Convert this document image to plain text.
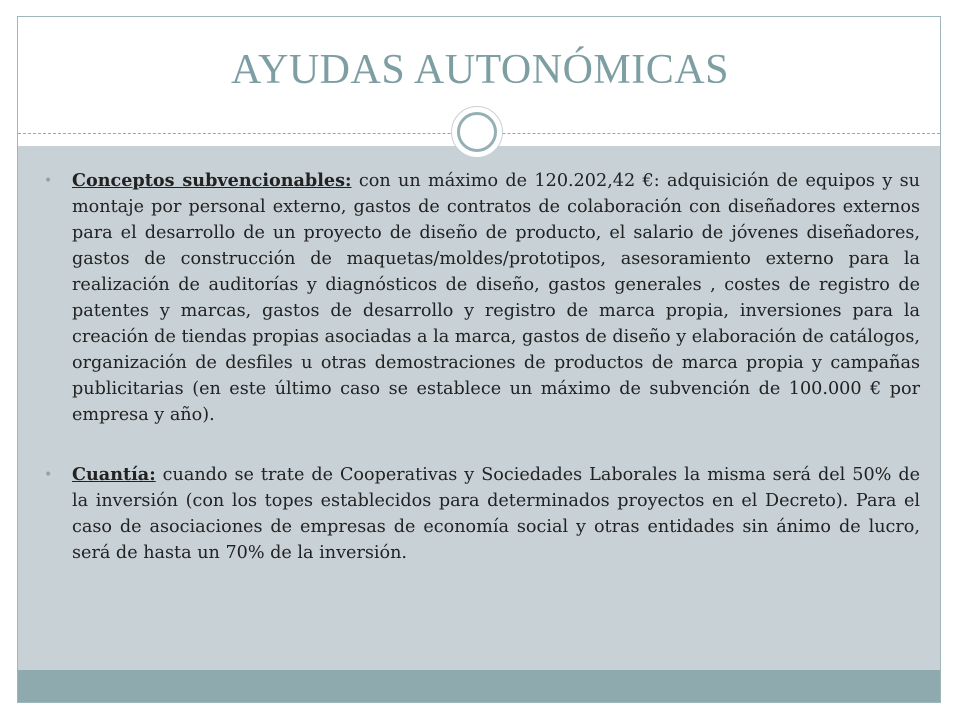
AYUDAS AUTONÓMICAS
• Conceptos subvencionables: con un máximo de 120.202,42 €: adquisición de equipos y su montaje por personal externo, gastos de contratos de colaboración con diseñadores externos para el desarrollo de un proyecto de diseño de producto, el salario de jóvenes diseñadores, gastos de construcción de maquetas/moldes/prototipos, asesoramiento externo para la realización de auditorías y diagnósticos de diseño, gastos generales , costes de registro de patentes y marcas, gastos de desarrollo y registro de marca propia, inversiones para la creación de tiendas propias asociadas a la marca, gastos de diseño y elaboración de catálogos, organización de desfiles u otras demostraciones de productos de marca propia y campañas publicitarias (en este último caso se establece un máximo de subvención de 100.000 € por empresa y año).
• Cuantía: cuando se trate de Cooperativas y Sociedades Laborales la misma será del 50% de la inversión (con los topes establecidos para determinados proyectos en el Decreto). Para el caso de asociaciones de empresas de economía social y otras entidades sin ánimo de lucro, será de hasta un 70% de la inversión.
